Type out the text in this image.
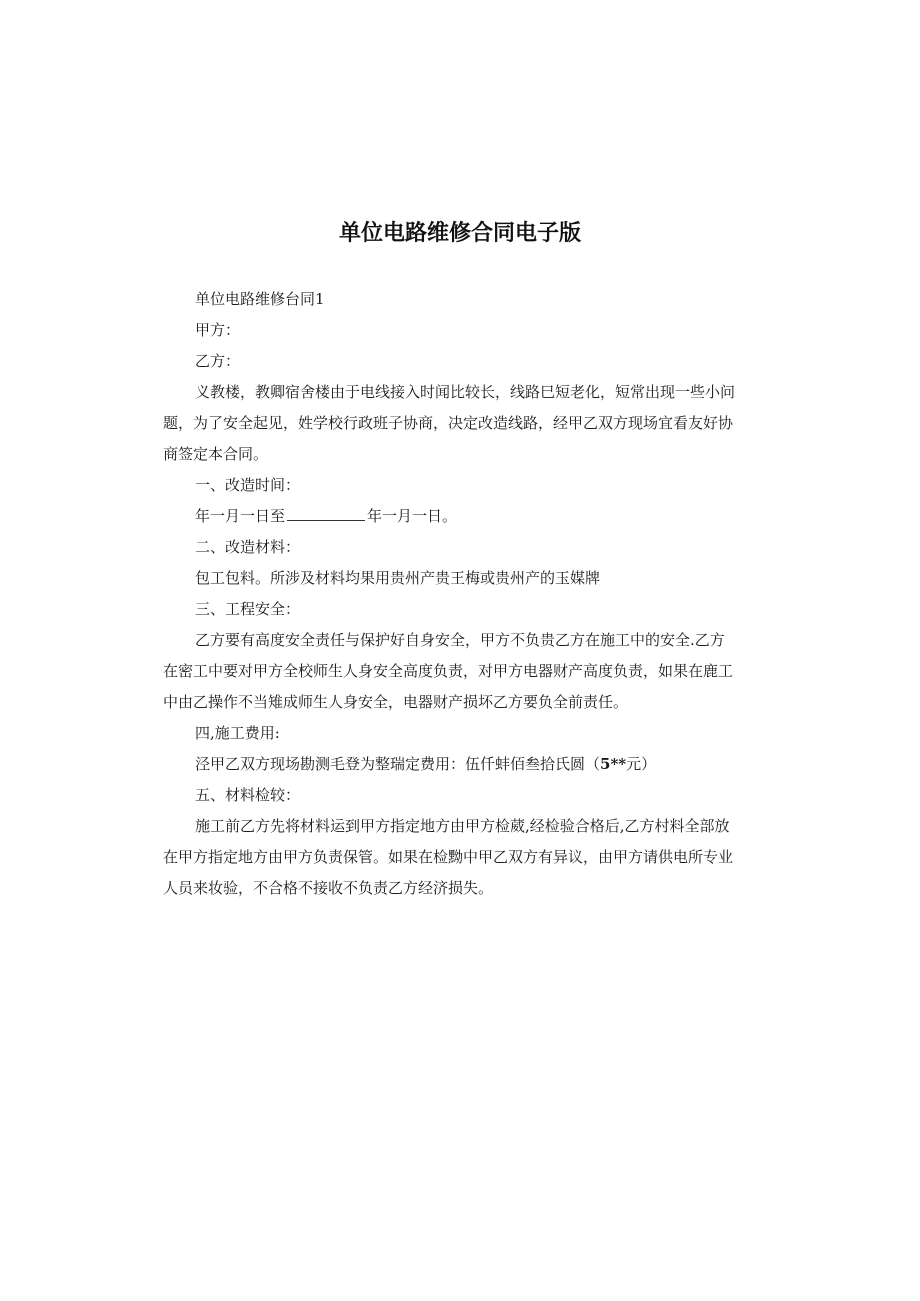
单位电路维修合同电子版
单位电路维修台同1
甲方：
乙方：
义教楼，教卿宿舍楼由于电线接入时闻比较长，线路巳短老化，短常出现一些小问
题，为了安全起见，姓学校行政班子协商，决定改造线路，经甲乙双方现场宜看友好协
商签定本合同。
一、改造时间：
年一月一日至	年一月一日。
二、改造材料：
包工包料。所涉及材料均果用贵州产贵王梅或贵州产的玉媒牌
三、工程安全：
乙方要有高度安全责任与保护好自身安全，甲方不负贵乙方在施工中的安全.乙方
在密工中要对甲方全校师生人身安全高度负责，对甲方电器财产高度负责，如果在鹿工
中由乙操作不当雉成师生人身安全，电器财产损坏乙方要负全前责任。
四,施工费用:
泾甲乙双方现场勘测毛登为整瑞定费用：伍仟蚌佰叁拾氏圆（5**元）
五、材料检较：
施工前乙方先将材料运到甲方指定地方由甲方检葳,经检验合格后,乙方村料全部放
在甲方指定地方由甲方负责保管。如果在检黝中甲乙双方有异议，由甲方请供电所专业
人员来妆验，不合格不接收不负责乙方经济损失。
